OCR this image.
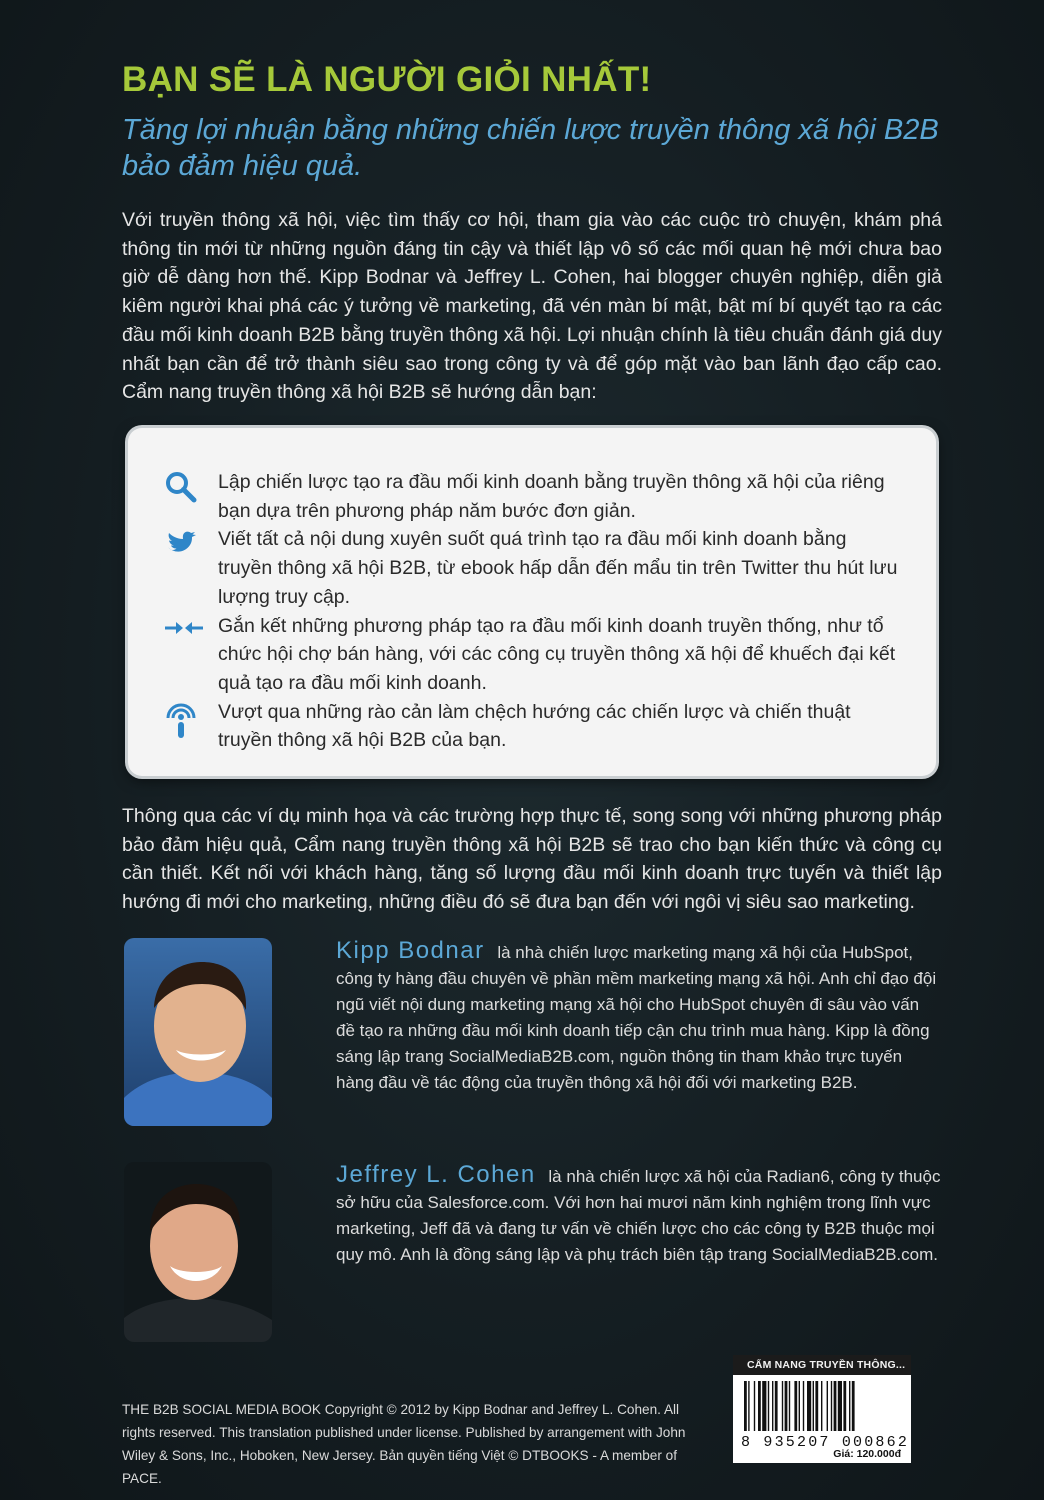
BẠN SẼ LÀ NGƯỜI GIỎI NHẤT!

Tăng lợi nhuận bằng những chiến lược truyền thông xã hội B2B bảo đảm hiệu quả.

Với truyền thông xã hội, việc tìm thấy cơ hội, tham gia vào các cuộc trò chuyện, khám phá thông tin mới từ những nguồn đáng tin cậy và thiết lập vô số các mối quan hệ mới chưa bao giờ dễ dàng hơn thế. Kipp Bodnar và Jeffrey L. Cohen, hai blogger chuyên nghiệp, diễn giả kiêm người khai phá các ý tưởng về marketing, đã vén màn bí mật, bật mí bí quyết tạo ra các đầu mối kinh doanh B2B bằng truyền thông xã hội. Lợi nhuận chính là tiêu chuẩn đánh giá duy nhất bạn cần để trở thành siêu sao trong công ty và để góp mặt vào ban lãnh đạo cấp cao. Cẩm nang truyền thông xã hội B2B sẽ hướng dẫn bạn:

Lập chiến lược tạo ra đầu mối kinh doanh bằng truyền thông xã hội của riêng bạn dựa trên phương pháp năm bước đơn giản.
Viết tất cả nội dung xuyên suốt quá trình tạo ra đầu mối kinh doanh bằng truyền thông xã hội B2B, từ ebook hấp dẫn đến mẩu tin trên Twitter thu hút lưu lượng truy cập.
Gắn kết những phương pháp tạo ra đầu mối kinh doanh truyền thống, như tổ chức hội chợ bán hàng, với các công cụ truyền thông xã hội để khuếch đại kết quả tạo ra đầu mối kinh doanh.
Vượt qua những rào cản làm chệch hướng các chiến lược và chiến thuật truyền thông xã hội B2B của bạn.

Thông qua các ví dụ minh họa và các trường hợp thực tế, song song với những phương pháp bảo đảm hiệu quả, Cẩm nang truyền thông xã hội B2B sẽ trao cho bạn kiến thức và công cụ cần thiết. Kết nối với khách hàng, tăng số lượng đầu mối kinh doanh trực tuyến và thiết lập hướng đi mới cho marketing, những điều đó sẽ đưa bạn đến với ngôi vị siêu sao marketing.

Kipp Bodnar là nhà chiến lược marketing mạng xã hội của HubSpot, công ty hàng đầu chuyên về phần mềm marketing mạng xã hội. Anh chỉ đạo đội ngũ viết nội dung marketing mạng xã hội cho HubSpot chuyên đi sâu vào vấn đề tạo ra những đầu mối kinh doanh tiếp cận chu trình mua hàng. Kipp là đồng sáng lập trang SocialMediaB2B.com, nguồn thông tin tham khảo trực tuyến hàng đầu về tác động của truyền thông xã hội đối với marketing B2B.

Jeffrey L. Cohen là nhà chiến lược xã hội của Radian6, công ty thuộc sở hữu của Salesforce.com. Với hơn hai mươi năm kinh nghiệm trong lĩnh vực marketing, Jeff đã và đang tư vấn về chiến lược cho các công ty B2B thuộc mọi quy mô. Anh là đồng sáng lập và phụ trách biên tập trang SocialMediaB2B.com.

THE B2B SOCIAL MEDIA BOOK Copyright © 2012 by Kipp Bodnar and Jeffrey L. Cohen. All rights reserved. This translation published under license. Published by arrangement with John Wiley & Sons, Inc., Hoboken, New Jersey. Bản quyền tiếng Việt © DTBOOKS - A member of PACE.

CẨM NANG TRUYỀN THÔNG...
8 935207 000862
Giá: 120.000đ
